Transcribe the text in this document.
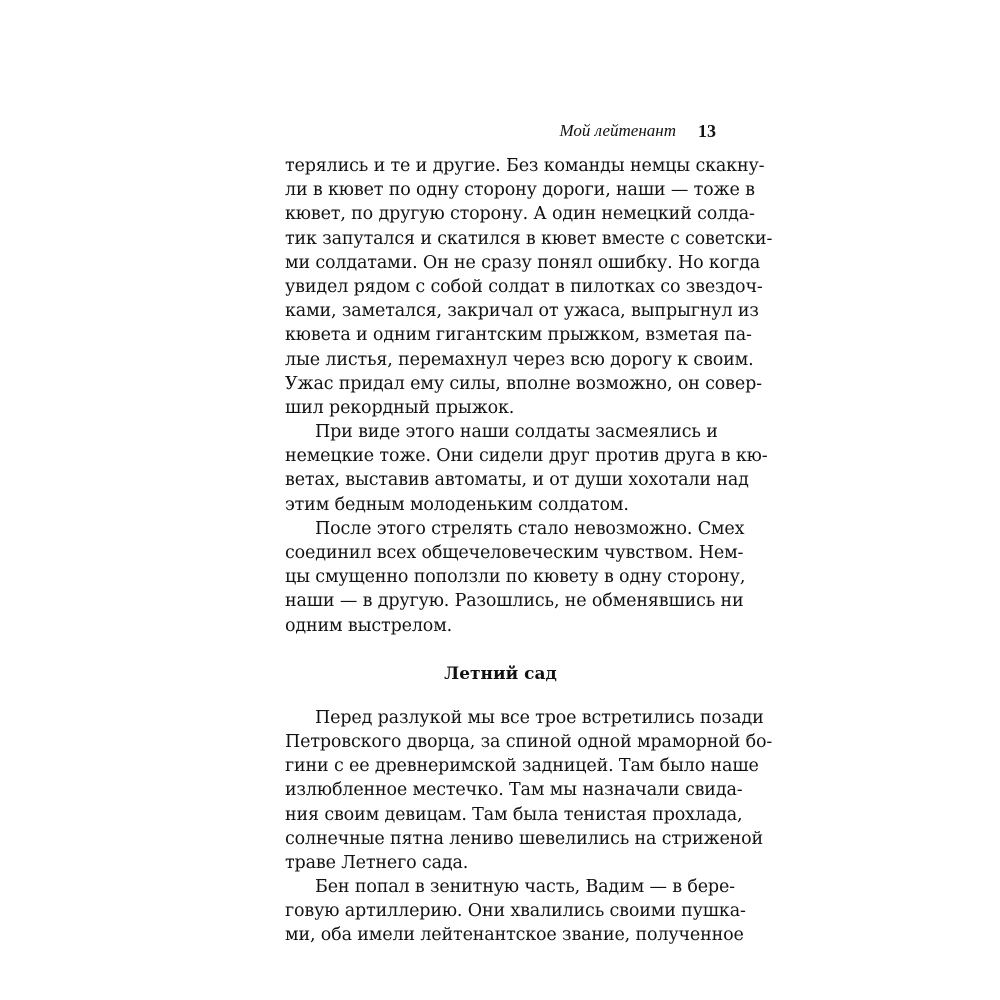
Мой лейтенант 13

терялись и те и другие. Без команды немцы скакну-
ли в кювет по одну сторону дороги, наши — тоже в
кювет, по другую сторону. А один немецкий солда-
тик запутался и скатился в кювет вместе с советски-
ми солдатами. Он не сразу понял ошибку. Но когда
увидел рядом с собой солдат в пилотках со звездоч-
ками, заметался, закричал от ужаса, выпрыгнул из
кювета и одним гигантским прыжком, взметая па-
лые листья, перемахнул через всю дорогу к своим.
Ужас придал ему силы, вполне возможно, он совер-
шил рекордный прыжок.

При виде этого наши солдаты засмеялись и
немецкие тоже. Они сидели друг против друга в кю-
ветах, выставив автоматы, и от души хохотали над
этим бедным молоденьким солдатом.

После этого стрелять стало невозможно. Смех
соединил всех общечеловеческим чувством. Нем-
цы смущенно поползли по кювету в одну сторону,
наши — в другую. Разошлись, не обменявшись ни
одним выстрелом.

Летний сад

Перед разлукой мы все трое встретились позади
Петровского дворца, за спиной одной мраморной бо-
гини с ее древнеримской задницей. Там было наше
излюбленное местечко. Там мы назначали свида-
ния своим девицам. Там была тенистая прохлада,
солнечные пятна лениво шевелились на стриженой
траве Летнего сада.

Бен попал в зенитную часть, Вадим — в бере-
говую артиллерию. Они хвалились своими пушка-
ми, оба имели лейтенантское звание, полученное
